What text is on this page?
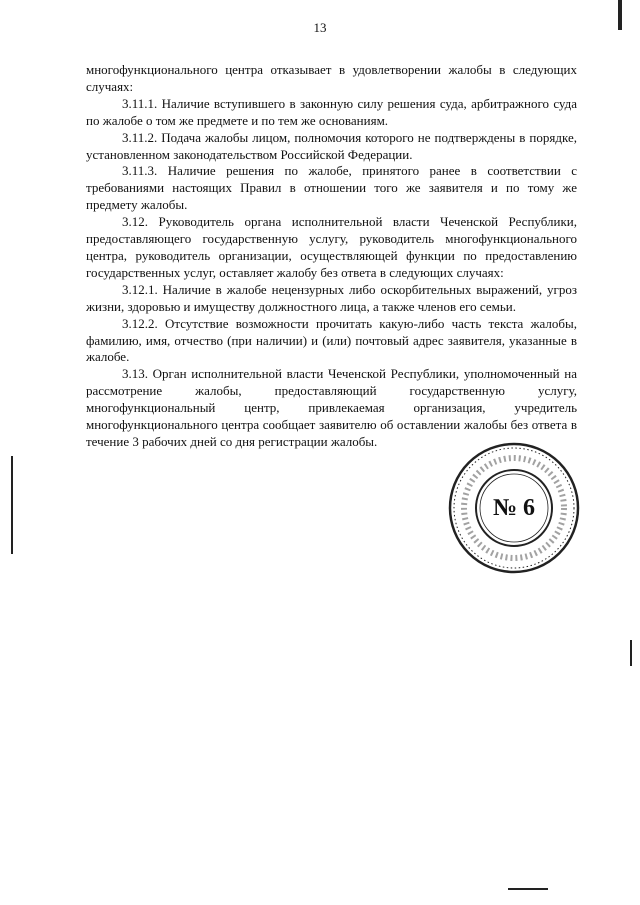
13

многофункционального центра отказывает в удовлетворении жалобы в следующих случаях:

3.11.1. Наличие вступившего в законную силу решения суда, арбитражного суда по жалобе о том же предмете и по тем же основаниям.

3.11.2. Подача жалобы лицом, полномочия которого не подтверждены в порядке, установленном законодательством Российской Федерации.

3.11.3. Наличие решения по жалобе, принятого ранее в соответствии с требованиями настоящих Правил в отношении того же заявителя и по тому же предмету жалобы.

3.12. Руководитель органа исполнительной власти Чеченской Республики, предоставляющего государственную услугу, руководитель многофункционального центра, руководитель организации, осуществляющей функции по предоставлению государственных услуг, оставляет жалобу без ответа в следующих случаях:

3.12.1. Наличие в жалобе нецензурных либо оскорбительных выражений, угроз жизни, здоровью и имуществу должностного лица, а также членов его семьи.

3.12.2. Отсутствие возможности прочитать какую-либо часть текста жалобы, фамилию, имя, отчество (при наличии) и (или) почтовый адрес заявителя, указанные в жалобе.

3.13. Орган исполнительной власти Чеченской Республики, уполномоченный на рассмотрение жалобы, предоставляющий государственную услугу, многофункциональный центр, привлекаемая организация, учредитель многофункционального центра сообщает заявителю об оставлении жалобы без ответа в течение 3 рабочих дней со дня регистрации жалобы.

№ 6
